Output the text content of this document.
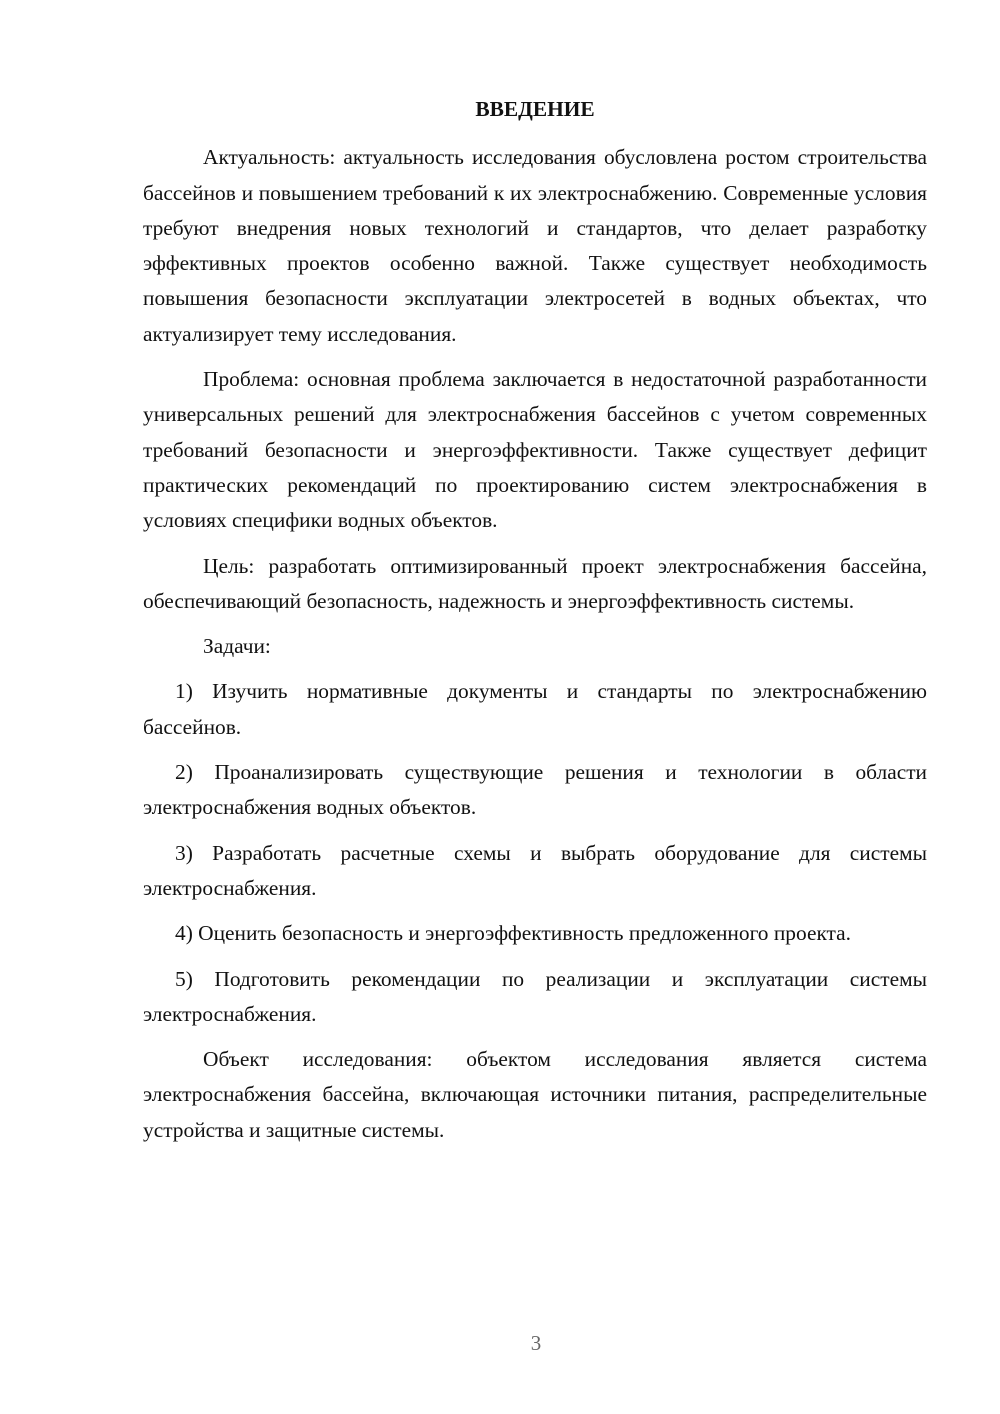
ВВЕДЕНИЕ

Актуальность: актуальность исследования обусловлена ростом строительства бассейнов и повышением требований к их электроснабжению. Современные условия требуют внедрения новых технологий и стандартов, что делает разработку эффективных проектов особенно важной. Также существует необходимость повышения безопасности эксплуатации электросетей в водных объектах, что актуализирует тему исследования.

Проблема: основная проблема заключается в недостаточной разработанности универсальных решений для электроснабжения бассейнов с учетом современных требований безопасности и энергоэффективности. Также существует дефицит практических рекомендаций по проектированию систем электроснабжения в условиях специфики водных объектов.

Цель: разработать оптимизированный проект электроснабжения бассейна, обеспечивающий безопасность, надежность и энергоэффективность системы.

Задачи:

1) Изучить нормативные документы и стандарты по электроснабжению бассейнов.

2) Проанализировать существующие решения и технологии в области электроснабжения водных объектов.

3) Разработать расчетные схемы и выбрать оборудование для системы электроснабжения.

4) Оценить безопасность и энергоэффективность предложенного проекта.

5) Подготовить рекомендации по реализации и эксплуатации системы электроснабжения.

Объект исследования: объектом исследования является система электроснабжения бассейна, включающая источники питания, распределительные устройства и защитные системы.

3
